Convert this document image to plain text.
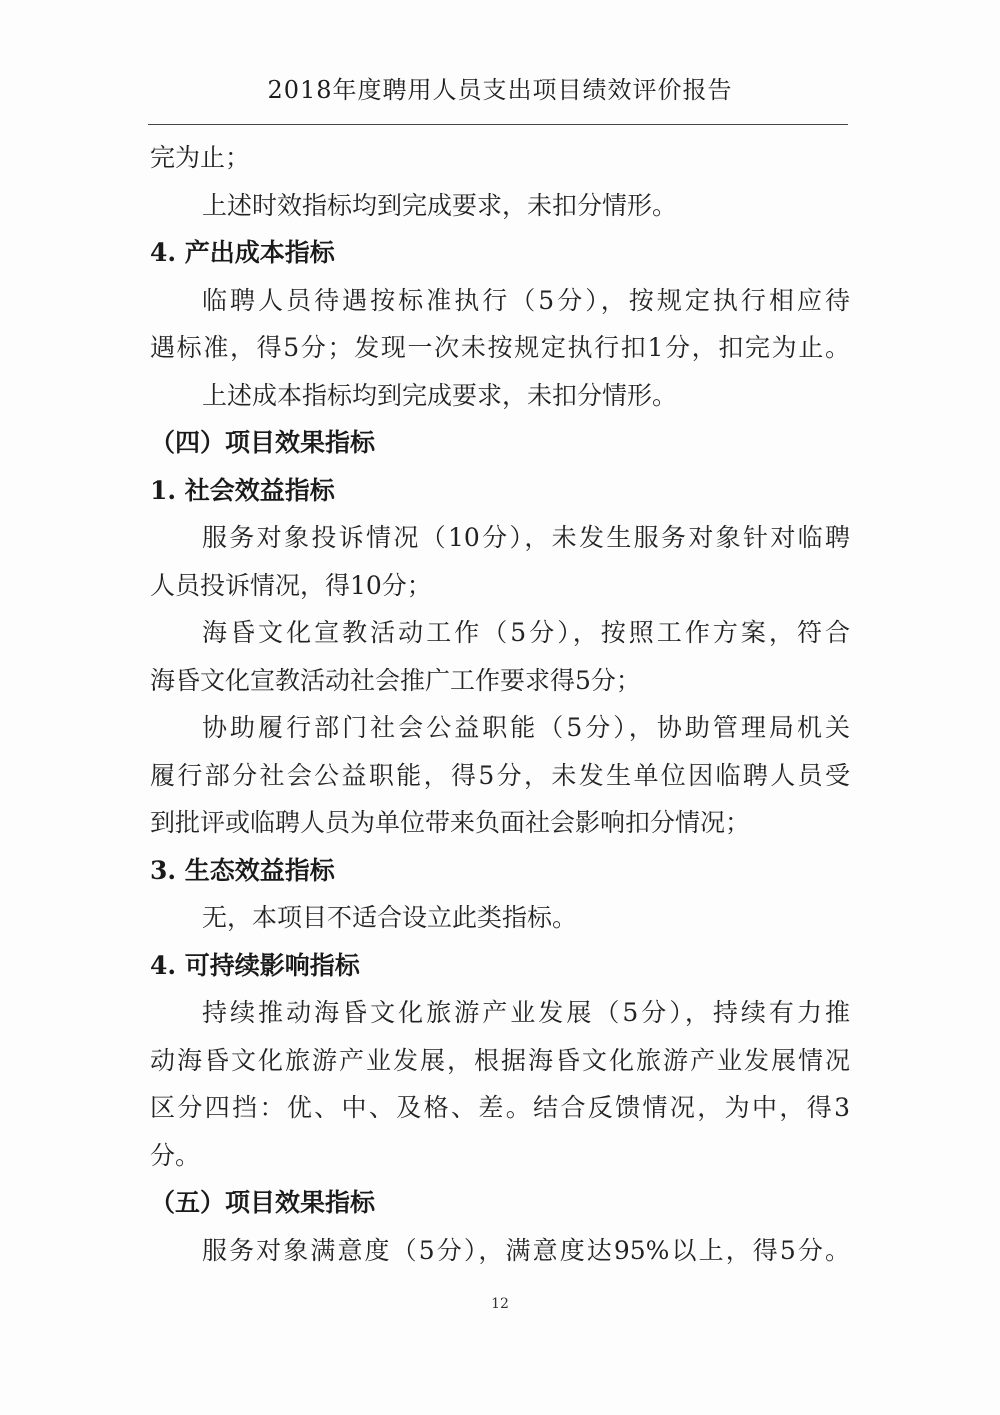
2018年度聘用人员支出项目绩效评价报告
完为止；
上述时效指标均到完成要求，未扣分情形。
4. 产出成本指标
临聘人员待遇按标准执行（5分），按规定执行相应待
遇标准，得5分；发现一次未按规定执行扣1分，扣完为止。
上述成本指标均到完成要求，未扣分情形。
（四）项目效果指标
1. 社会效益指标
服务对象投诉情况（10分），未发生服务对象针对临聘
人员投诉情况，得10分；
海昏文化宣教活动工作（5分），按照工作方案，符合
海昏文化宣教活动社会推广工作要求得5分；
协助履行部门社会公益职能（5分），协助管理局机关
履行部分社会公益职能，得5分，未发生单位因临聘人员受
到批评或临聘人员为单位带来负面社会影响扣分情况；
3. 生态效益指标
无，本项目不适合设立此类指标。
4. 可持续影响指标
持续推动海昏文化旅游产业发展（5分），持续有力推
动海昏文化旅游产业发展，根据海昏文化旅游产业发展情况
区分四挡：优、中、及格、差。结合反馈情况，为中，得3
分。
（五）项目效果指标
服务对象满意度（5分），满意度达95%以上，得5分。
12
